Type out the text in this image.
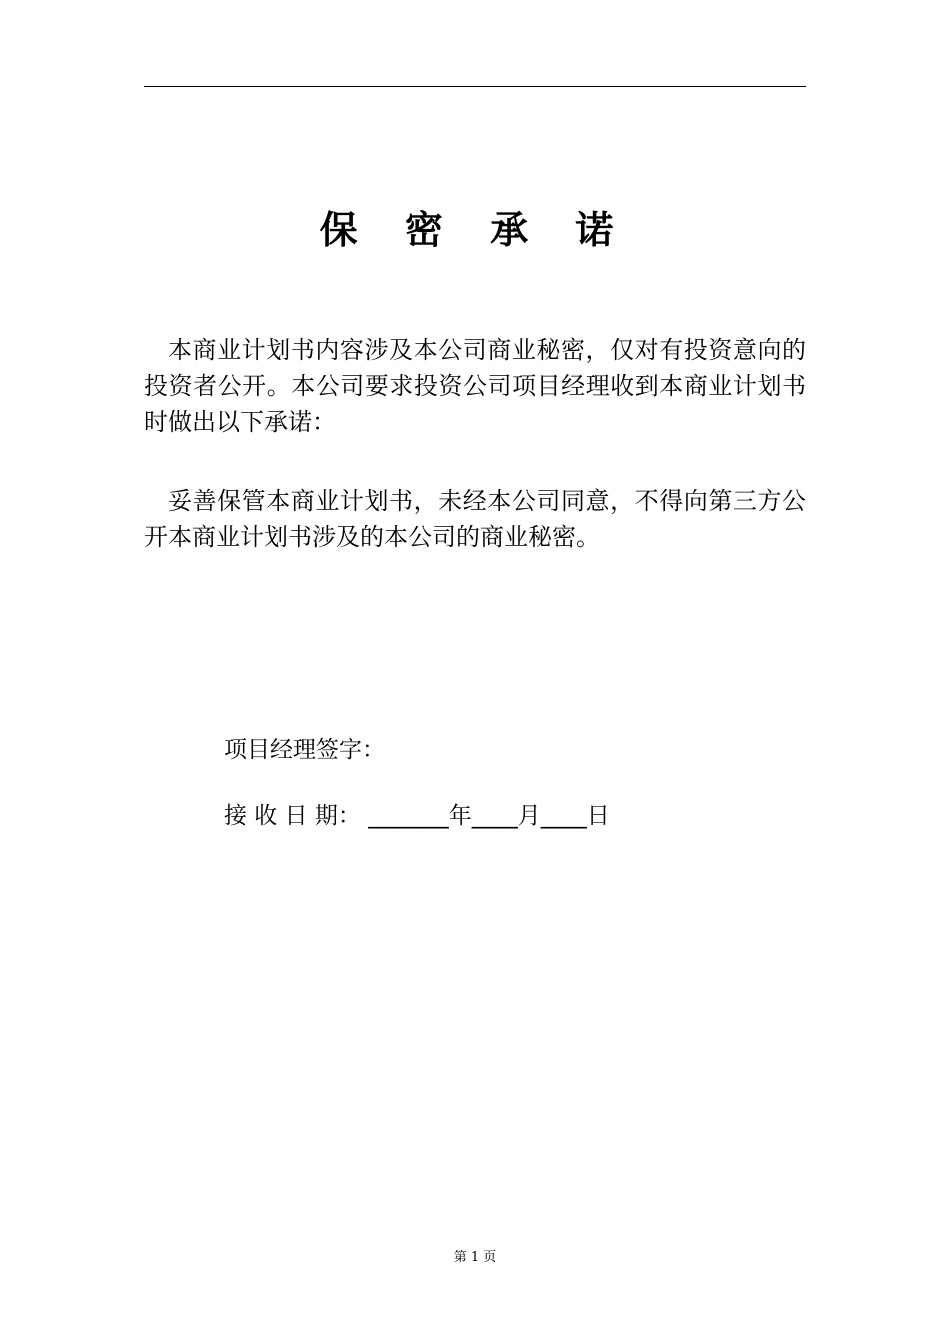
保 密 承 诺
本商业计划书内容涉及本公司商业秘密，仅对有投资意向的投资者公开。本公司要求投资公司项目经理收到本商业计划书时做出以下承诺：
妥善保管本商业计划书，未经本公司同意，不得向第三方公开本商业计划书涉及的本公司的商业秘密。
项目经理签字：
接 收 日 期： _______年____月____日
第 1 页
